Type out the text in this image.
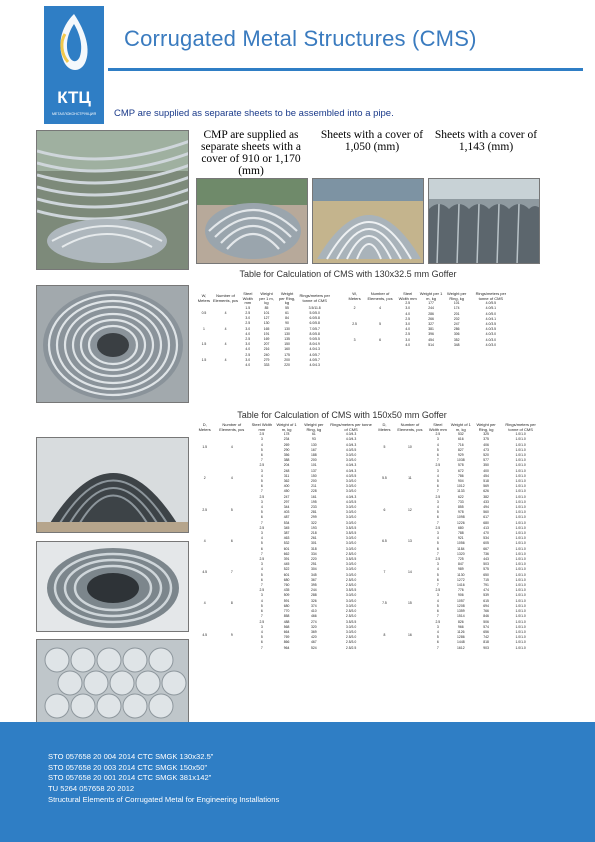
КТЦ
МЕТАЛЛОКОНСТРУКЦИЯ
Corrugated Metal Structures (CMS)
CMP are supplied as separate sheets to be assembled into a pipe.
CMP are supplied as separate sheets with a cover of 910 or 1,170 (mm)
Sheets with a cover of 1,050 (mm)
Sheets with a cover of 1,143 (mm)
Table for Calculation of CMS with 130x32.5 mm Goffer
W, Meters	Number of Elements, pcs	Steel Width mm	Weight per 1 m, kg	Weight per Ring, kg	Rings/meters per tonne of CMS
0.5	4	1.5	85	55	3.5/11.8
		2.5	101	61	5.0/5.0
		3.0	127	84	6.0/5.8
1	4	2.5	130	90	6.0/5.8
		3.0	165	130	7.0/5.7
		4.0	191	130	8.0/5.8
1.5	4	2.5	169	135	9.0/5.5
		3.0	207	150	8.0/4.9
		4.0	216	160	4.0/4.3
1.5	4	2.5	240	175	4.0/5.7
		3.0	279	200	4.0/5.7
		4.0	333	220	4.0/4.3
W, Meters	Number of Elements, pcs	Steel Width mm	Weight per 1 m, kg	Weight per Ring, kg	Rings/meters per tonne of CMS
2	4	2.5	177	101	4.0/5.5
		3.0	244	174	4.0/5.1
		4.0	286	201	4.0/5.0
2.5	5	2.5	266	202	4.0/4.1
		3.0	327	247	4.0/3.5
		4.0	381	286	4.0/3.5
3	6	2.5	396	306	4.0/3.0
		3.0	454	352	4.0/3.0
		4.0	514	348	4.0/3.0
Table for Calculation of CMS with 150x50 mm Goffer
D, Meters	Number of Elements, pcs	Steel Width mm	Weight of 1 m, kg	Weight per Ring, kg	Rings/meters per tonne of CMS
1.5	4	2.5	178	61	4.0/4.3
		3	234	93	4.0/4.3
		4	269	130	4.0/4.3
		5	290	167	4.0/3.5
		6	356	188	3.0/3.0
		7	388	200	3.0/3.0
2	4	2.5	204	101	4.0/4.3
		3	248	137	4.0/4.3
		4	311	150	4.0/3.5
		5	362	200	3.0/3.0
		6	400	211	3.0/3.0
		7	450	228	3.0/3.0
2.5	5	2.5	247	161	4.0/4.3
		3	297	195	4.0/3.5
		4	344	233	3.0/3.0
		5	403	281	3.0/3.0
		6	487	299	3.0/3.0
		7	534	322	3.0/3.0
4	6	2.5	345	193	3.5/3.5
		3	387	218	3.5/3.5
		4	463	261	3.0/3.0
		5	532	301	3.0/3.0
		6	601	318	3.0/3.0
		7	662	334	2.5/3.0
4.5	7	2.5	391	220	3.5/3.5
		3	445	251	3.0/3.0
		4	522	304	3.0/3.0
		5	601	345	3.0/3.0
		6	680	367	2.5/3.0
		7	760	395	2.5/3.0
4	8	2.5	435	244	3.5/3.5
		3	509	288	3.0/3.0
		4	591	326	3.0/3.0
		5	680	374	3.0/3.0
		6	770	410	2.5/3.0
		7	858	466	2.5/3.0
4.5	9	2.5	488	274	3.5/3.5
		3	568	320	3.0/3.0
		4	664	369	3.0/3.0
		5	769	420	2.5/3.0
		6	866	467	2.5/3.0
		7	964	524	2.5/2.5
D, Meters	Number of Elements, pcs	Steel Width mm	Weight of 1 m, kg	Weight per Ring, kg	Rings/meters per tonne of CMS
5	10	2.5	532	325	1.0/1.0
		3	616	375	1.0/1.0
		4	716	406	1.0/1.0
		5	827	473	1.0/1.0
		6	929	520	1.0/1.0
		7	1038	577	1.0/1.0
5.5	11	2.5	578	350	1.0/1.0
		3	672	400	1.0/1.0
		4	786	454	1.0/1.0
		5	904	518	1.0/1.0
		6	1012	569	1.0/1.0
		7	1133	626	1.0/1.0
6	12	2.5	622	382	1.0/1.0
		3	733	433	1.0/1.0
		4	855	494	1.0/1.0
		5	978	560	1.0/1.0
		6	1098	617	1.0/1.0
		7	1226	680	1.0/1.0
6.5	13	2.5	680	413	1.0/1.0
		3	788	470	1.0/1.0
		4	921	534	1.0/1.0
		5	1056	605	1.0/1.0
		6	1184	667	1.0/1.0
		7	1320	736	1.0/1.0
7	14	2.5	725	443	1.0/1.0
		3	847	503	1.0/1.0
		4	989	575	1.0/1.0
		5	1130	650	1.0/1.0
		6	1272	715	1.0/1.0
		7	1416	791	1.0/1.0
7.5	15	2.5	776	474	1.0/1.0
		3	906	539	1.0/1.0
		4	1057	615	1.0/1.0
		5	1208	694	1.0/1.0
		6	1359	766	1.0/1.0
		7	1514	846	1.0/1.0
8	16	2.5	826	506	1.0/1.0
		3	966	574	1.0/1.0
		4	1126	656	1.0/1.0
		5	1286	742	1.0/1.0
		6	1448	818	1.0/1.0
		7	1612	903	1.0/1.0
STO 057658 20 004 2014 CTC SMGK 130x32.5”
STO 057658 20 003 2014 CTC SMGK 150x50”
STO 057658 20 001 2014 CTC SMGK 381x142”
TU 5264 057658 20 2012
Structural Elements of Corrugated Metal for Engineering Installations
